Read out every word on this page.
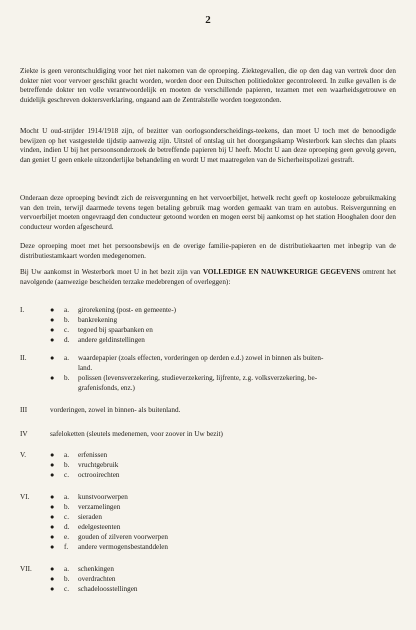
2

Ziekte is geen verontschuldiging voor het niet nakomen van de oproeping. Ziektegevallen, die op den dag van vertrek door den dokter niet voor vervoer geschikt geacht worden, worden door een Duitschen politiedokter gecontroleerd. In zulke gevallen is de betreffende dokter ten volle verantwoordelijk en moeten de verschillende papieren, tezamen met een waarheidsgetrouwe en duidelijk geschreven doktersverklaring, ongaand aan de Zentralstelle worden toegezonden.

Mocht U oud-strijder 1914/1918 zijn, of bezitter van oorlogsonderscheidings-teekens, dan moet U toch met de benoodigde bewijzen op het vastgestelde tijdstip aanwezig zijn. Uitstel of ontslag uit het doorgangskamp Westerbork kan slechts dan plaats vinden, indien U bij het persoonsonderzoek de betreffende papieren bij U heeft. Mocht U aan deze oproeping geen gevolg geven, dan geniet U geen enkele uitzonderlijke behandeling en wordt U met maatregelen van de Sicherheitspolizei gestraft.

Onderaan deze oproeping bevindt zich de reisvergunning en het vervoerbiljet, hetwelk recht geeft op kostelooze gebruikmaking van den trein, terwijl daarmede tevens tegen betaling gebruik mag worden gemaakt van tram en autobus. Reisvergunning en vervoerbiljet moeten ongevraagd den conducteur getoond worden en mogen eerst bij aankomst op het station Hooghalen door den conducteur worden afgescheurd.

Deze oproeping moet met het persoonsbewijs en de overige familie-papieren en de distributiekaarten met inbegrip van de distributiestamkaart worden medegenomen.

Bij Uw aankomst in Westerbork moet U in het bezit zijn van VOLLEDIGE EN NAUWKEURIGE GEGEVENS omtrent het navolgende (aanwezige bescheiden terzake medebrengen of overleggen):

I.	● a. girorekening (post- en gemeente-)
● b. bankrekening
● c. tegoed bij spaarbanken en
● d. andere geldinstellingen
II.	● a. waardepapier (zoals effecten, vorderingen op derden e.d.) zowel in binnen als buiten-
land.
● b. polissen (levensverzekering, studieverzekering, lijfrente, z.g. volksverzekering, be-
grafenisfonds, enz.)
III	vorderingen, zowel in binnen- als buitenland.
IV	safeloketten (sleutels medenemen, voor zoover in Uw bezit)
V.	● a. erfenissen
● b. vruchtgebruik
● c. octrooirechten
VI.	● a. kunstvoorwerpen
● b. verzamelingen
● c. sieraden
● d. edelgesteenten
● e. gouden of zilveren voorwerpen
● f. andere vermogensbestanddelen
VII.	● a. schenkingen
● b. overdrachten
● c. schadeloosstellingen
